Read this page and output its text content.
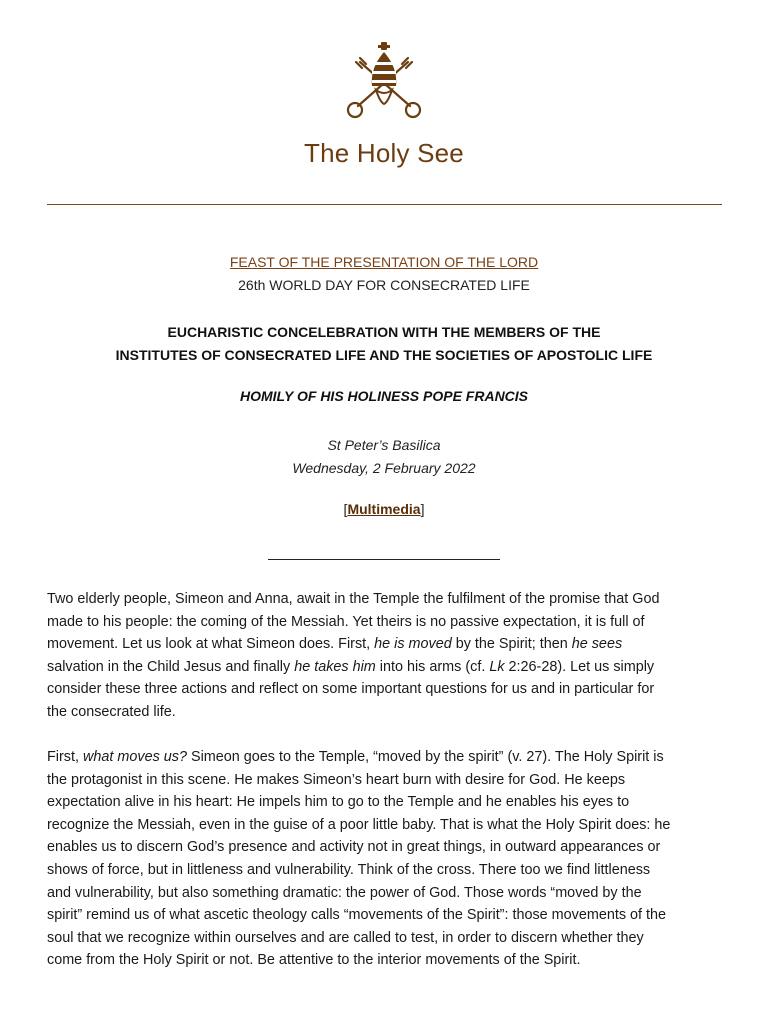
The Holy See
FEAST OF THE PRESENTATION OF THE LORD
26th WORLD DAY FOR CONSECRATED LIFE
EUCHARISTIC CONCELEBRATION WITH THE MEMBERS OF THE
INSTITUTES OF CONSECRATED LIFE AND THE SOCIETIES OF APOSTOLIC LIFE
HOMILY OF HIS HOLINESS POPE FRANCIS
St Peter’s Basilica
Wednesday, 2 February 2022
[Multimedia]
Two elderly people, Simeon and Anna, await in the Temple the fulfilment of the promise that God
made to his people: the coming of the Messiah. Yet theirs is no passive expectation, it is full of
movement. Let us look at what Simeon does. First, he is moved by the Spirit; then he sees
salvation in the Child Jesus and finally he takes him into his arms (cf. Lk 2:26-28). Let us simply
consider these three actions and reflect on some important questions for us and in particular for
the consecrated life.
First, what moves us? Simeon goes to the Temple, “moved by the spirit” (v. 27). The Holy Spirit is
the protagonist in this scene. He makes Simeon’s heart burn with desire for God. He keeps
expectation alive in his heart: He impels him to go to the Temple and he enables his eyes to
recognize the Messiah, even in the guise of a poor little baby. That is what the Holy Spirit does: he
enables us to discern God’s presence and activity not in great things, in outward appearances or
shows of force, but in littleness and vulnerability. Think of the cross. There too we find littleness
and vulnerability, but also something dramatic: the power of God. Those words “moved by the
spirit” remind us of what ascetic theology calls “movements of the Spirit”: those movements of the
soul that we recognize within ourselves and are called to test, in order to discern whether they
come from the Holy Spirit or not. Be attentive to the interior movements of the Spirit.
